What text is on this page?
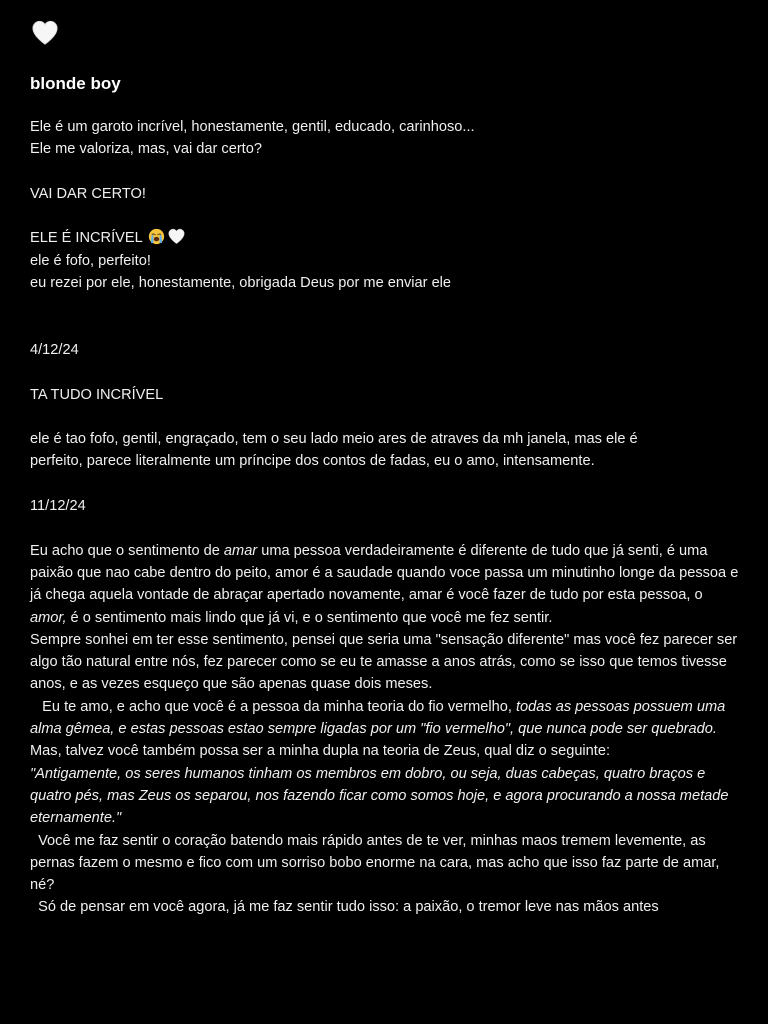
blonde boy
Ele é um garoto incrível, honestamente, gentil, educado, carinhoso...
Ele me valoriza, mas, vai dar certo?
VAI DAR CERTO!
ELE É INCRÍVEL
ele é fofo, perfeito!
eu rezei por ele, honestamente, obrigada Deus por me enviar ele
4/12/24
TA TUDO INCRÍVEL
ele é tao fofo, gentil, engraçado, tem o seu lado meio ares de atraves da mh janela, mas ele é
perfeito, parece literalmente um príncipe dos contos de fadas, eu o amo, intensamente.
11/12/24
Eu acho que o sentimento de amar uma pessoa verdadeiramente é diferente de tudo que já senti, é uma paixão que nao cabe dentro do peito, amor é a saudade quando voce passa um minutinho longe da pessoa e já chega aquela vontade de abraçar apertado novamente, amar é você fazer de tudo por esta pessoa, o amor, é o sentimento mais lindo que já vi, e o sentimento que você me fez sentir.
Sempre sonhei em ter esse sentimento, pensei que seria uma "sensação diferente" mas você fez parecer ser algo tão natural entre nós, fez parecer como se eu te amasse a anos atrás, como se isso que temos tivesse anos, e as vezes esqueço que são apenas quase dois meses.
Eu te amo, e acho que você é a pessoa da minha teoria do fio vermelho, todas as pessoas possuem uma alma gêmea, e estas pessoas estao sempre ligadas por um "fio vermelho", que nunca pode ser quebrado. Mas, talvez você também possa ser a minha dupla na teoria de Zeus, qual diz o seguinte:
"Antigamente, os seres humanos tinham os membros em dobro, ou seja, duas cabeças, quatro braços e quatro pés, mas Zeus os separou, nos fazendo ficar como somos hoje, e agora procurando a nossa metade eternamente."
Você me faz sentir o coração batendo mais rápido antes de te ver, minhas maos tremem levemente, as pernas fazem o mesmo e fico com um sorriso bobo enorme na cara, mas acho que isso faz parte de amar, né?
Só de pensar em você agora, já me faz sentir tudo isso: a paixão, o tremor leve nas mãos antes
